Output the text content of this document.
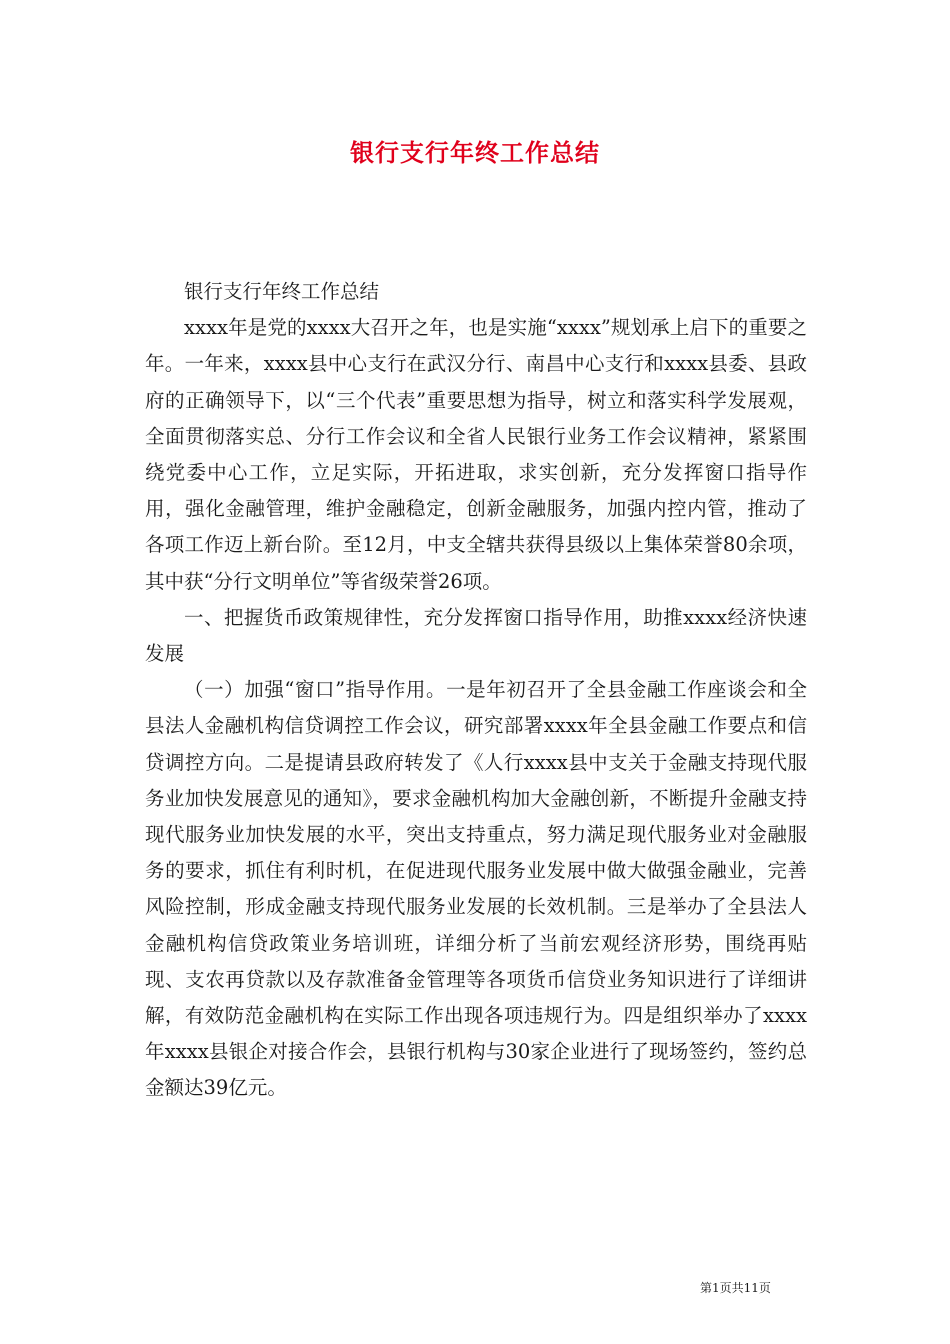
银行支行年终工作总结

银行支行年终工作总结

xxxx年是党的xxxx大召开之年，也是实施“xxxx”规划承上启下的重要之年。一年来，xxxx县中心支行在武汉分行、南昌中心支行和xxxx县委、县政府的正确领导下，以“三个代表”重要思想为指导，树立和落实科学发展观，全面贯彻落实总、分行工作会议和全省人民银行业务工作会议精神，紧紧围绕党委中心工作，立足实际，开拓进取，求实创新，充分发挥窗口指导作用，强化金融管理，维护金融稳定，创新金融服务，加强内控内管，推动了各项工作迈上新台阶。至12月，中支全辖共获得县级以上集体荣誉80余项，其中获“分行文明单位”等省级荣誉26项。

一、把握货币政策规律性，充分发挥窗口指导作用，助推xxxx经济快速发展

（一）加强“窗口”指导作用。一是年初召开了全县金融工作座谈会和全县法人金融机构信贷调控工作会议，研究部署xxxx年全县金融工作要点和信贷调控方向。二是提请县政府转发了《人行xxxx县中支关于金融支持现代服务业加快发展意见的通知》，要求金融机构加大金融创新，不断提升金融支持现代服务业加快发展的水平，突出支持重点，努力满足现代服务业对金融服务的要求，抓住有利时机，在促进现代服务业发展中做大做强金融业，完善风险控制，形成金融支持现代服务业发展的长效机制。三是举办了全县法人金融机构信贷政策业务培训班，详细分析了当前宏观经济形势，围绕再贴现、支农再贷款以及存款准备金管理等各项货币信贷业务知识进行了详细讲解，有效防范金融机构在实际工作出现各项违规行为。四是组织举办了xxxx年xxxx县银企对接合作会，县银行机构与30家企业进行了现场签约，签约总金额达39亿元。

第1页共11页
